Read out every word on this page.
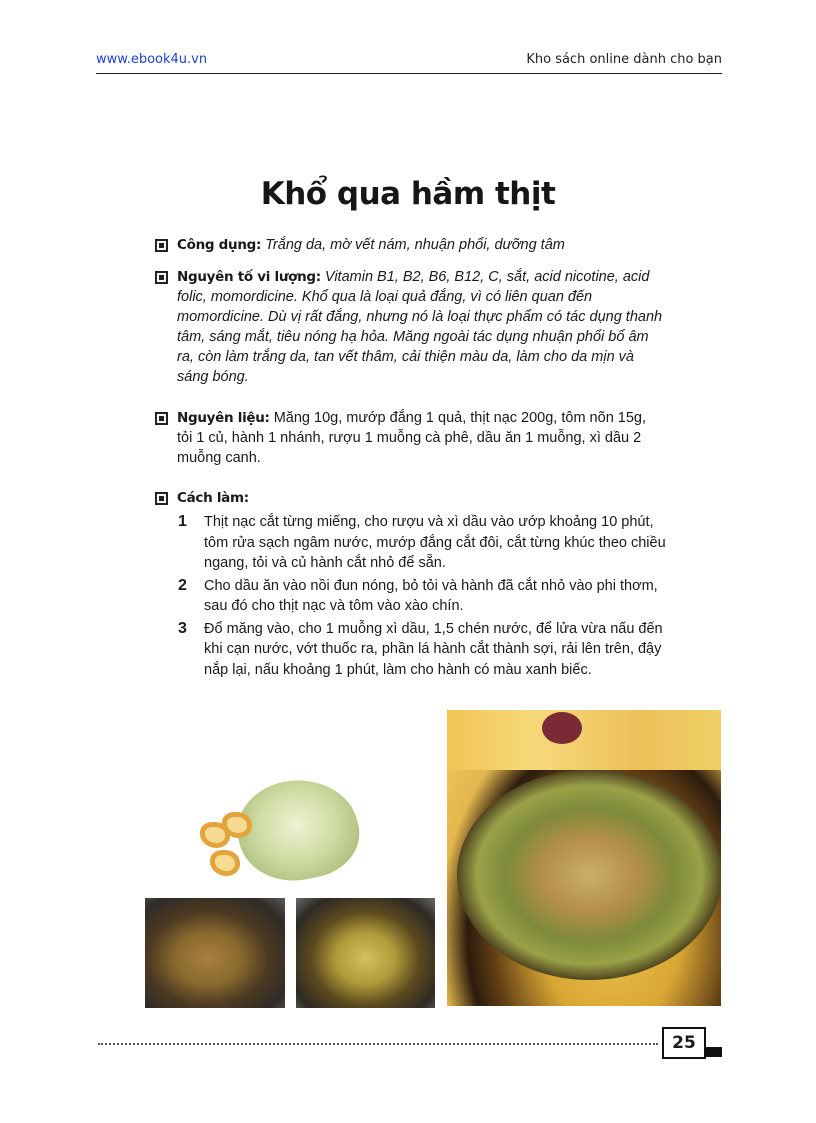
www.ebook4u.vn	Kho sách online dành cho bạn
Khổ qua hầm thịt
Công dụng: Trắng da, mờ vết nám, nhuận phổi, dưỡng tâm
Nguyên tố vi lượng: Vitamin B1, B2, B6, B12, C, sắt, acid nicotine, acid folic, momordicine. Khổ qua là loại quả đắng, vì có liên quan đến momordicine. Dù vị rất đắng, nhưng nó là loại thực phẩm có tác dụng thanh tâm, sáng mắt, tiêu nóng hạ hỏa. Măng ngoài tác dụng nhuận phổi bổ âm ra, còn làm trắng da, tan vết thâm, cải thiện màu da, làm cho da mịn và sáng bóng.
Nguyên liệu: Măng 10g, mướp đắng 1 quả, thịt nạc 200g, tôm nõn 15g, tỏi 1 củ, hành 1 nhánh, rượu 1 muỗng cà phê, dầu ăn 1 muỗng, xì dầu 2 muỗng canh.
Cách làm:
1 Thịt nạc cắt từng miếng, cho rượu và xì dầu vào ướp khoảng 10 phút, tôm rửa sạch ngâm nước, mướp đắng cắt đôi, cắt từng khúc theo chiều ngang, tỏi và củ hành cắt nhỏ để sẵn.
2 Cho dầu ăn vào nồi đun nóng, bỏ tỏi và hành đã cắt nhỏ vào phi thơm, sau đó cho thịt nạc và tôm vào xào chín.
3 Đổ măng vào, cho 1 muỗng xì dầu, 1,5 chén nước, để lửa vừa nấu đến khi cạn nước, vớt thuốc ra, phần lá hành cắt thành sợi, rải lên trên, đậy nắp lại, nấu khoảng 1 phút, làm cho hành có màu xanh biếc.
25
